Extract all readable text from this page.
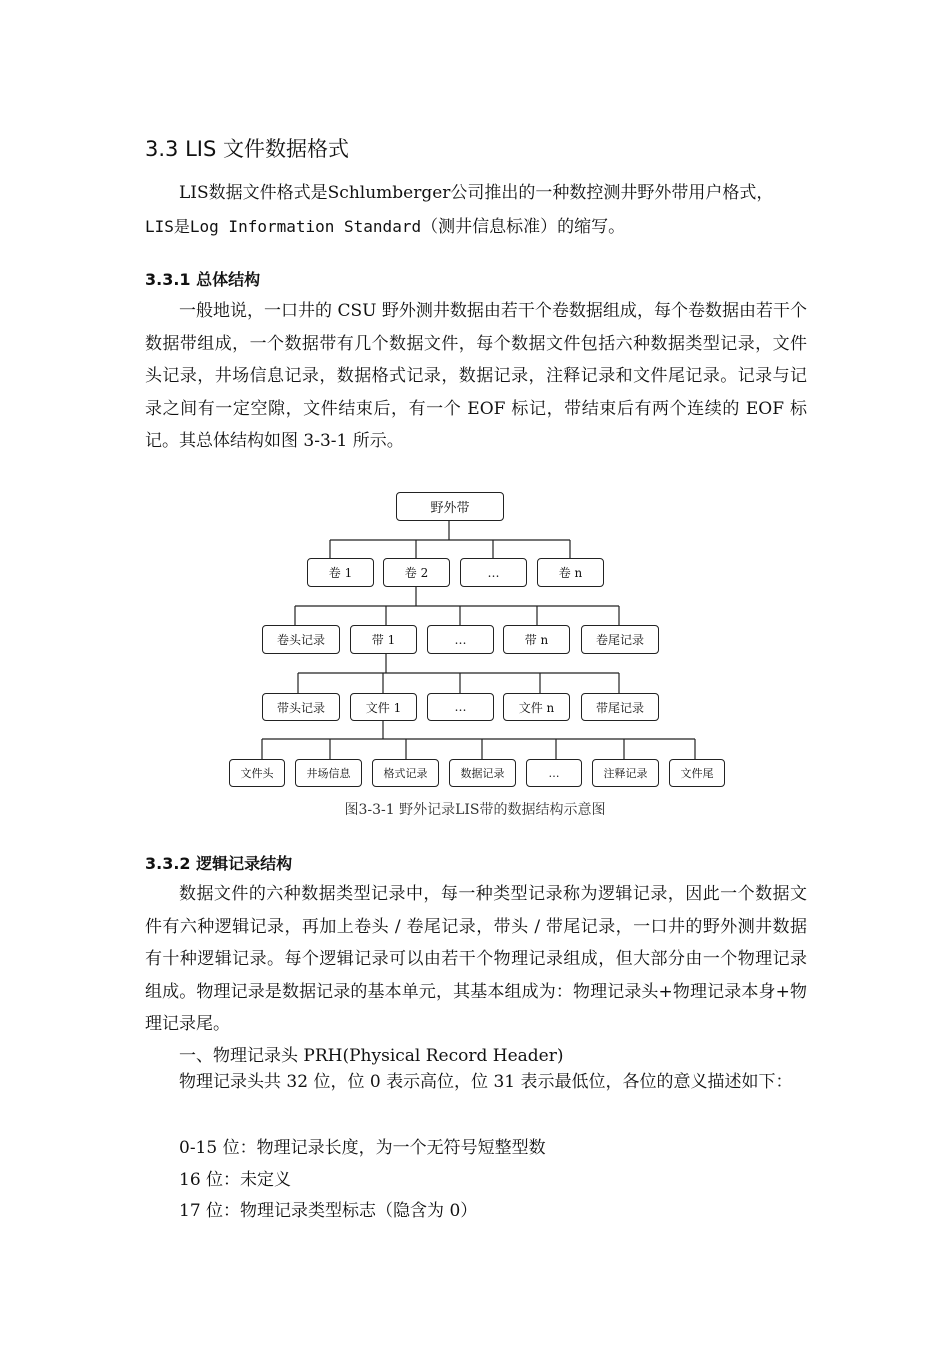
3.3 LIS 文件数据格式
LIS数据文件格式是Schlumberger公司推出的一种数控测井野外带用户格式，
LIS是Log Information Standard（测井信息标准）的缩写。
3.3.1 总体结构

一般地说，一口井的 CSU 野外测井数据由若干个卷数据组成，每个卷数据由若干个数据带组成，一个数据带有几个数据文件，每个数据文件包括六种数据类型记录，文件头记录，井场信息记录，数据格式记录，数据记录，注释记录和文件尾记录。记录与记录之间有一定空隙，文件结束后，有一个 EOF 标记，带结束后有两个连续的 EOF 标记。其总体结构如图 3-3-1 所示。

野外带
卷 1	卷 2	…	卷 n
卷头记录	带 1	…	带 n	卷尾记录
带头记录	文件 1	…	文件 n	带尾记录
文件头	井场信息	格式记录	数据记录	…	注释记录	文件尾
图3-3-1 野外记录LIS带的数据结构示意图
3.3.2 逻辑记录结构

数据文件的六种数据类型记录中，每一种类型记录称为逻辑记录，因此一个数据文件有六种逻辑记录，再加上卷头 / 卷尾记录，带头 / 带尾记录，一口井的野外测井数据有十种逻辑记录。每个逻辑记录可以由若干个物理记录组成，但大部分由一个物理记录组成。物理记录是数据记录的基本单元，其基本组成为：物理记录头+物理记录本身+物理记录尾。

一、物理记录头 PRH(Physical Record Header)

物理记录头共 32 位，位 0 表示高位，位 31 表示最低位，各位的意义描述如下：

0-15 位：物理记录长度，为一个无符号短整型数
16 位：未定义
17 位：物理记录类型标志（隐含为 0）
